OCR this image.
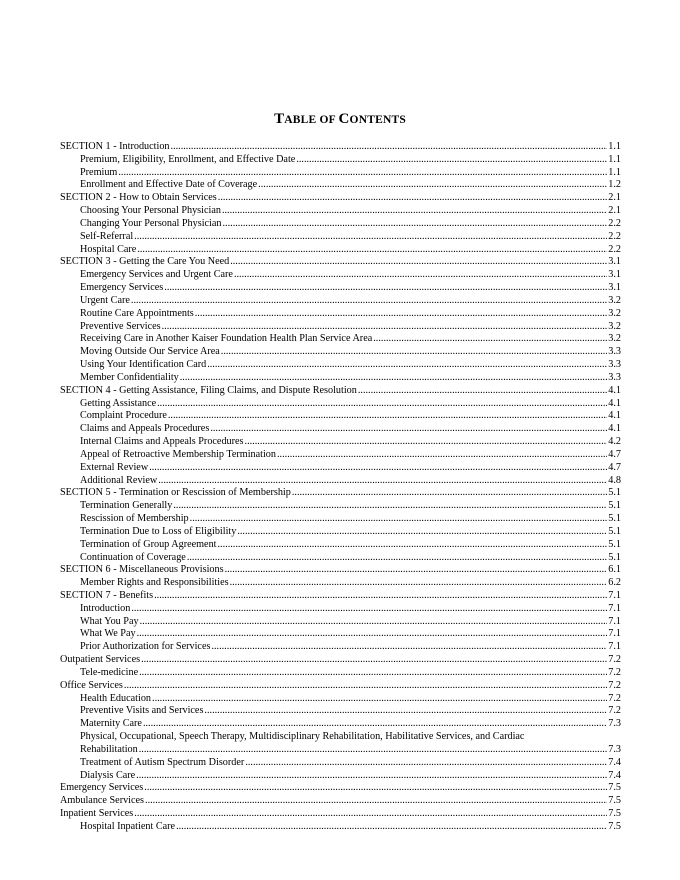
TABLE OF CONTENTS
SECTION 1 - Introduction .....	1.1
Premium, Eligibility, Enrollment, and Effective Date .....	1.1
Premium .....	1.1
Enrollment and Effective Date of Coverage .....	1.2
SECTION 2 - How to Obtain Services .....	2.1
Choosing Your Personal Physician .....	2.1
Changing Your Personal Physician .....	2.2
Self-Referral .....	2.2
Hospital Care .....	2.2
SECTION 3 - Getting the Care You Need .....	3.1
Emergency Services and Urgent Care .....	3.1
Emergency Services .....	3.1
Urgent Care .....	3.2
Routine Care Appointments .....	3.2
Preventive Services .....	3.2
Receiving Care in Another Kaiser Foundation Health Plan Service Area .....	3.2
Moving Outside Our Service Area .....	3.3
Using Your Identification Card .....	3.3
Member Confidentiality .....	3.3
SECTION 4 - Getting Assistance, Filing Claims, and Dispute Resolution .....	4.1
Getting Assistance .....	4.1
Complaint Procedure .....	4.1
Claims and Appeals Procedures .....	4.1
Internal Claims and Appeals Procedures .....	4.2
Appeal of Retroactive Membership Termination .....	4.7
External Review .....	4.7
Additional Review .....	4.8
SECTION 5 - Termination or Rescission of Membership .....	5.1
Termination Generally .....	5.1
Rescission of Membership .....	5.1
Termination Due to Loss of Eligibility .....	5.1
Termination of Group Agreement .....	5.1
Continuation of Coverage .....	5.1
SECTION 6 - Miscellaneous Provisions .....	6.1
Member Rights and Responsibilities .....	6.2
SECTION 7 - Benefits .....	7.1
Introduction .....	7.1
What You Pay .....	7.1
What We Pay .....	7.1
Prior Authorization for Services .....	7.1
Outpatient Services .....	7.2
Tele-medicine .....	7.2
Office Services .....	7.2
Health Education .....	7.2
Preventive Visits and Services .....	7.2
Maternity Care .....	7.3
Physical, Occupational, Speech Therapy, Multidisciplinary Rehabilitation, Habilitative Services, and Cardiac
Rehabilitation .....	7.3
Treatment of Autism Spectrum Disorder .....	7.4
Dialysis Care .....	7.4
Emergency Services .....	7.5
Ambulance Services .....	7.5
Inpatient Services .....	7.5
Hospital Inpatient Care .....	7.5
